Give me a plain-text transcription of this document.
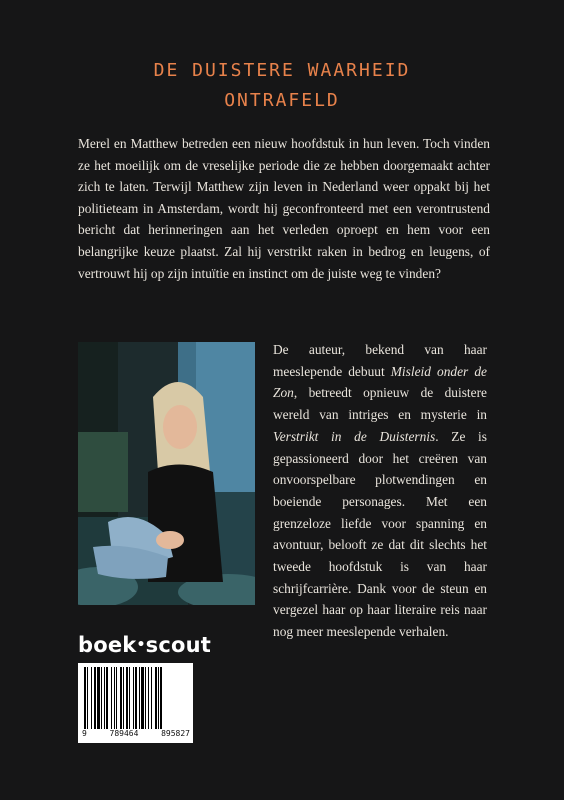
DE DUISTERE WAARHEID
ONTRAFELD

Merel en Matthew betreden een nieuw hoofdstuk in hun leven. Toch vinden ze het moeilijk om de vreselijke periode die ze hebben doorgemaakt achter zich te laten. Terwijl Matthew zijn leven in Nederland weer oppakt bij het politieteam in Amsterdam, wordt hij geconfronteerd met een verontrustend bericht dat herinneringen aan het verleden oproept en hem voor een belangrijke keuze plaatst. Zal hij verstrikt raken in bedrog en leugens, of vertrouwt hij op zijn intuïtie en instinct om de juiste weg te vinden?

De auteur, bekend van haar meeslepende debuut Misleid onder de Zon, betreedt opnieuw de duistere wereld van intriges en mysterie in Verstrikt in de Duisternis. Ze is gepassioneerd door het creëren van onvoorspelbare plotwendingen en boeiende personages. Met een grenzeloze liefde voor spanning en avontuur, belooft ze dat dit slechts het tweede hoofdstuk is van haar schrijfcarrière. Dank voor de steun en vergezel haar op haar literaire reis naar nog meer meeslepende verhalen.

boek•scout
9	789464	895827
